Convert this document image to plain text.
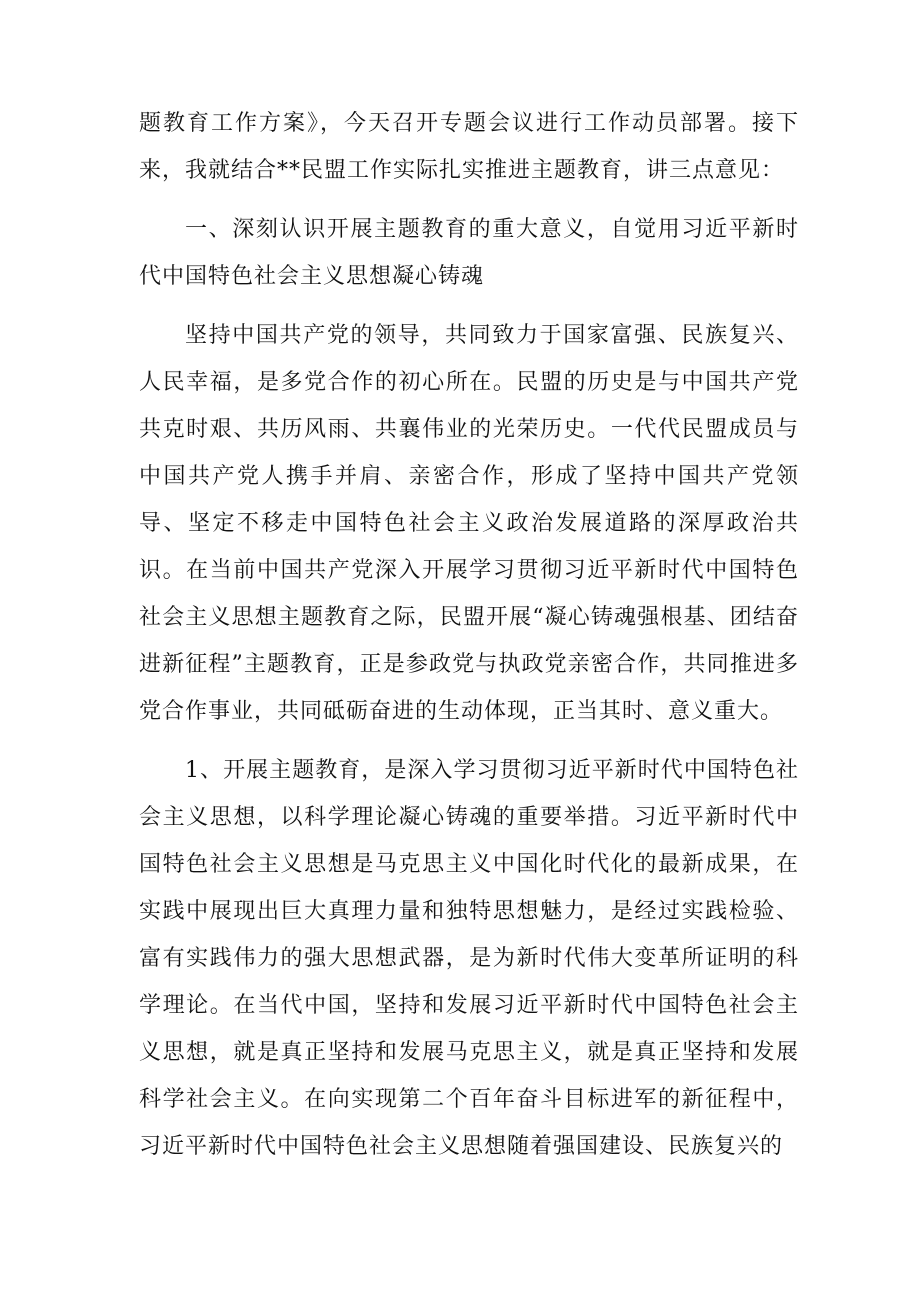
题教育工作方案》，今天召开专题会议进行工作动员部署。接下来，我就结合**民盟工作实际扎实推进主题教育，讲三点意见：

一、深刻认识开展主题教育的重大意义，自觉用习近平新时代中国特色社会主义思想凝心铸魂

坚持中国共产党的领导，共同致力于国家富强、民族复兴、人民幸福，是多党合作的初心所在。民盟的历史是与中国共产党共克时艰、共历风雨、共襄伟业的光荣历史。一代代民盟成员与中国共产党人携手并肩、亲密合作，形成了坚持中国共产党领导、坚定不移走中国特色社会主义政治发展道路的深厚政治共识。在当前中国共产党深入开展学习贯彻习近平新时代中国特色社会主义思想主题教育之际，民盟开展“凝心铸魂强根基、团结奋进新征程”主题教育，正是参政党与执政党亲密合作，共同推进多党合作事业，共同砥砺奋进的生动体现，正当其时、意义重大。

1、开展主题教育，是深入学习贯彻习近平新时代中国特色社会主义思想，以科学理论凝心铸魂的重要举措。习近平新时代中国特色社会主义思想是马克思主义中国化时代化的最新成果，在实践中展现出巨大真理力量和独特思想魅力，是经过实践检验、富有实践伟力的强大思想武器，是为新时代伟大变革所证明的科学理论。在当代中国，坚持和发展习近平新时代中国特色社会主义思想，就是真正坚持和发展马克思主义，就是真正坚持和发展科学社会主义。在向实现第二个百年奋斗目标进军的新征程中，习近平新时代中国特色社会主义思想随着强国建设、民族复兴的
